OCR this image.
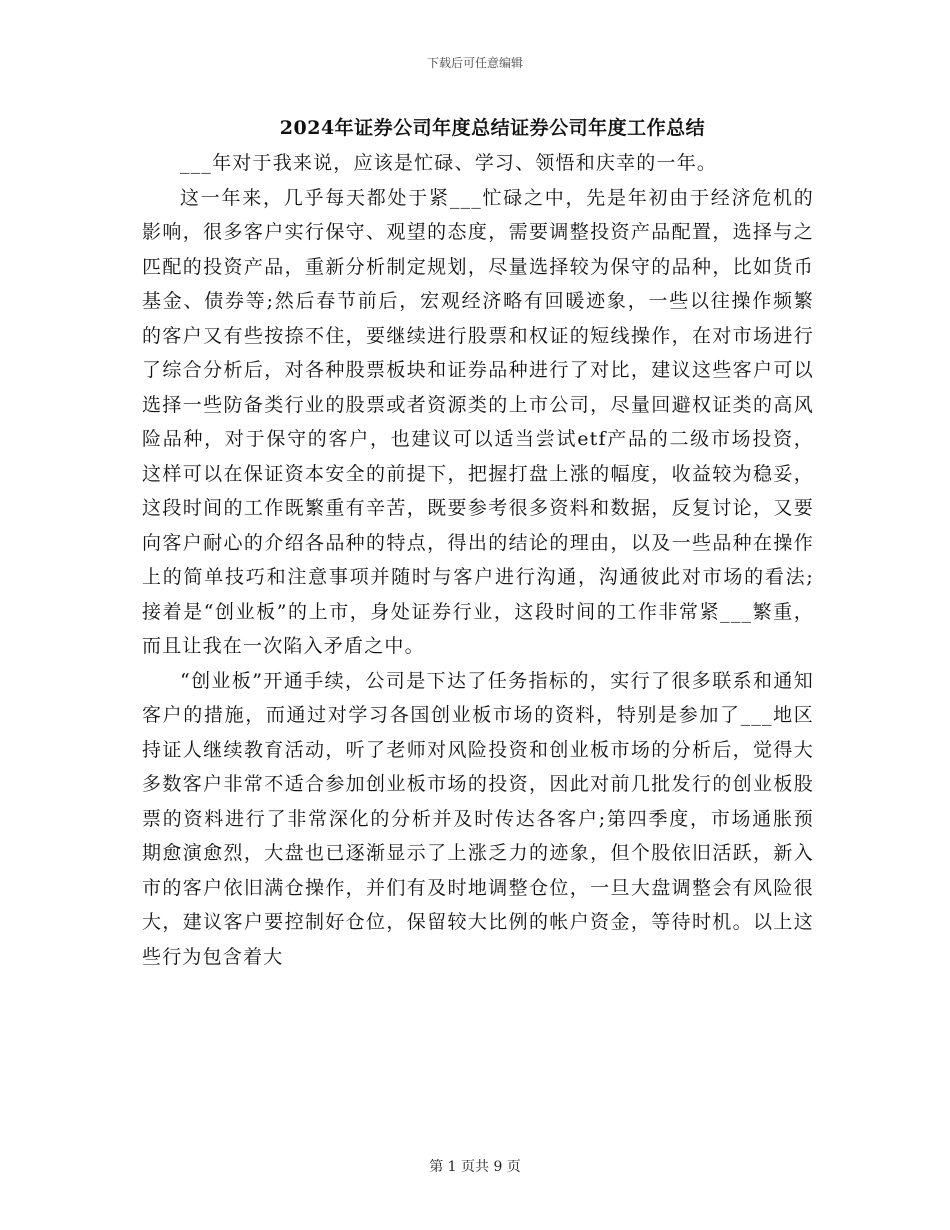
下载后可任意编辑
2024年证券公司年度总结证券公司年度工作总结

___年对于我来说，应该是忙碌、学习、领悟和庆幸的一年。

这一年来，几乎每天都处于紧___忙碌之中，先是年初由于经济危机的影响，很多客户实行保守、观望的态度，需要调整投资产品配置，选择与之匹配的投资产品，重新分析制定规划，尽量选择较为保守的品种，比如货币基金、债券等;然后春节前后，宏观经济略有回暖迹象，一些以往操作频繁的客户又有些按捺不住，要继续进行股票和权证的短线操作，在对市场进行了综合分析后，对各种股票板块和证券品种进行了对比，建议这些客户可以选择一些防备类行业的股票或者资源类的上市公司，尽量回避权证类的高风险品种，对于保守的客户，也建议可以适当尝试etf产品的二级市场投资，这样可以在保证资本安全的前提下，把握打盘上涨的幅度，收益较为稳妥，这段时间的工作既繁重有辛苦，既要参考很多资料和数据，反复讨论，又要向客户耐心的介绍各品种的特点，得出的结论的理由，以及一些品种在操作上的简单技巧和注意事项并随时与客户进行沟通，沟通彼此对市场的看法;接着是“创业板”的上市，身处证券行业，这段时间的工作非常紧___繁重，而且让我在一次陷入矛盾之中。

“创业板”开通手续，公司是下达了任务指标的，实行了很多联系和通知客户的措施，而通过对学习各国创业板市场的资料，特别是参加了___地区持证人继续教育活动，听了老师对风险投资和创业板市场的分析后，觉得大多数客户非常不适合参加创业板市场的投资，因此对前几批发行的创业板股票的资料进行了非常深化的分析并及时传达各客户;第四季度，市场通胀预期愈演愈烈，大盘也已逐渐显示了上涨乏力的迹象，但个股依旧活跃，新入市的客户依旧满仓操作，并们有及时地调整仓位，一旦大盘调整会有风险很大，建议客户要控制好仓位，保留较大比例的帐户资金，等待时机。以上这些行为包含着大

第 1 页共 9 页
